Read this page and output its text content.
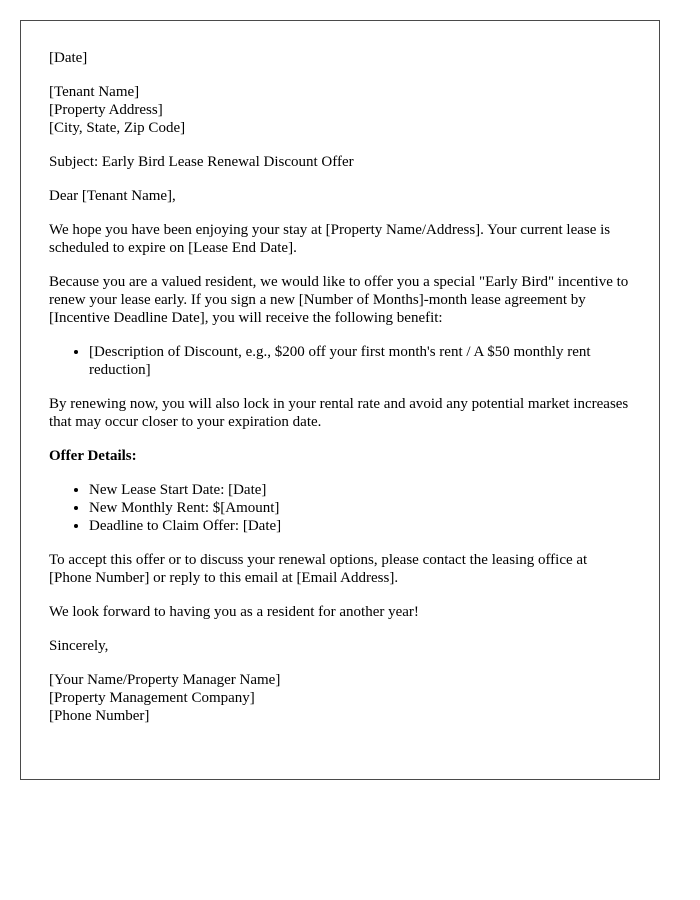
[Date]
[Tenant Name]
[Property Address]
[City, State, Zip Code]

Subject: Early Bird Lease Renewal Discount Offer

Dear [Tenant Name],

We hope you have been enjoying your stay at [Property Name/Address]. Your current lease is scheduled to expire on [Lease End Date].

Because you are a valued resident, we would like to offer you a special "Early Bird" incentive to renew your lease early. If you sign a new [Number of Months]-month lease agreement by [Incentive Deadline Date], you will receive the following benefit:

• [Description of Discount, e.g., $200 off your first month's rent / A $50 monthly rent reduction]

By renewing now, you will also lock in your rental rate and avoid any potential market increases that may occur closer to your expiration date.

Offer Details:

• New Lease Start Date: [Date]
• New Monthly Rent: $[Amount]
• Deadline to Claim Offer: [Date]

To accept this offer or to discuss your renewal options, please contact the leasing office at [Phone Number] or reply to this email at [Email Address].

We look forward to having you as a resident for another year!

Sincerely,

[Your Name/Property Manager Name]
[Property Management Company]
[Phone Number]
